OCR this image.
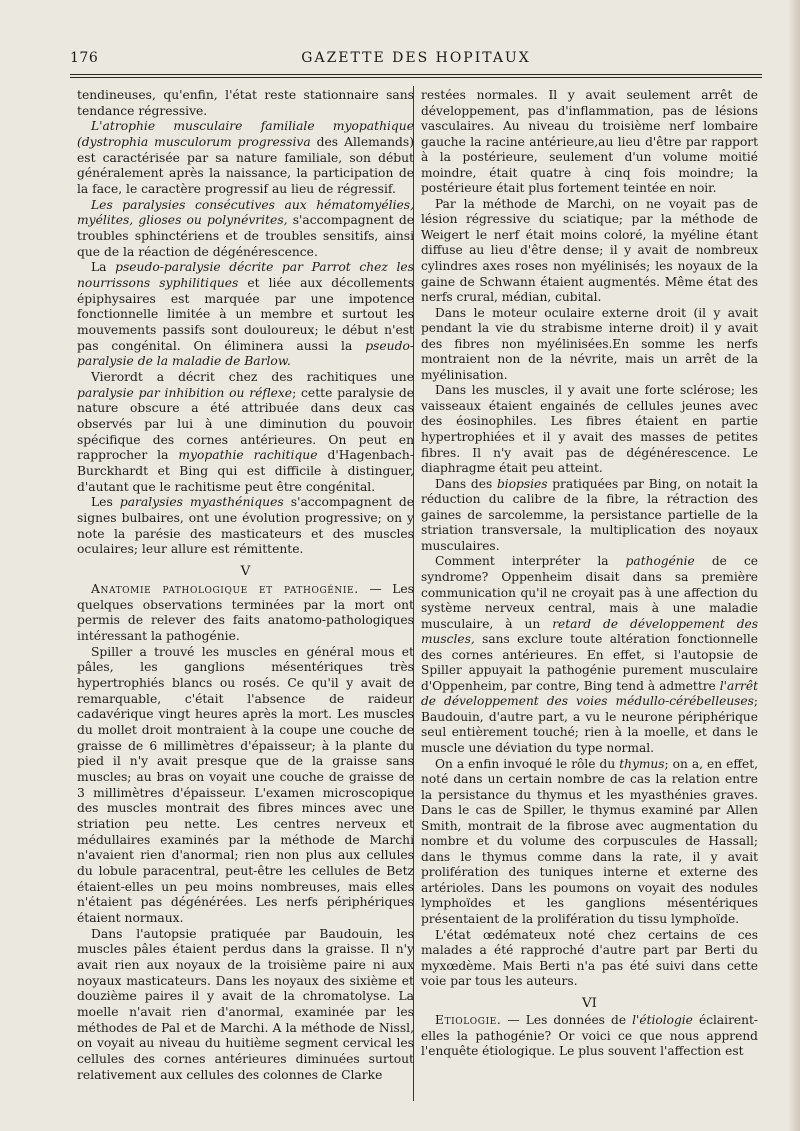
176	GAZETTE DES HOPITAUX

tendineuses, qu'enfin, l'état reste stationnaire sans tendance régressive.

L'atrophie musculaire familiale myopathique (dystrophia musculorum progressiva des Allemands) est caractérisée par sa nature familiale, son début généralement après la naissance, la participation de la face, le caractère progressif au lieu de régressif.

Les paralysies consécutives aux hématomyélies, myélites, glioses ou polynévrites, s'accompagnent de troubles sphinctériens et de troubles sensitifs, ainsi que de la réaction de dégénérescence.

La pseudo-paralysie décrite par Parrot chez les nourrissons syphilitiques et liée aux décollements épiphysaires est marquée par une impotence fonctionnelle limitée à un membre et surtout les mouvements passifs sont douloureux; le début n'est pas congénital. On éliminera aussi la pseudo-paralysie de la maladie de Barlow.

Vierordt a décrit chez des rachitiques une paralysie par inhibition ou réflexe; cette paralysie de nature obscure a été attribuée dans deux cas observés par lui à une diminution du pouvoir spécifique des cornes antérieures. On peut en rapprocher la myopathie rachitique d'Hagenbach-Burckhardt et Bing qui est difficile à distinguer, d'autant que le rachitisme peut être congénital.

Les paralysies myasthéniques s'accompagnent de signes bulbaires, ont une évolution progressive; on y note la parésie des masticateurs et des muscles oculaires; leur allure est rémittente.

V

Anatomie pathologique et pathogénie. — Les quelques observations terminées par la mort ont permis de relever des faits anatomo-pathologiques intéressant la pathogénie.

Spiller a trouvé les muscles en général mous et pâles, les ganglions mésentériques très hypertrophiés blancs ou rosés. Ce qu'il y avait de remarquable, c'était l'absence de raideur cadavérique vingt heures après la mort. Les muscles du mollet droit montraient à la coupe une couche de graisse de 6 millimètres d'épaisseur; à la plante du pied il n'y avait presque que de la graisse sans muscles; au bras on voyait une couche de graisse de 3 millimètres d'épaisseur. L'examen microscopique des muscles montrait des fibres minces avec une striation peu nette. Les centres nerveux et médullaires examinés par la méthode de Marchi n'avaient rien d'anormal; rien non plus aux cellules du lobule paracentral, peut-être les cellules de Betz étaient-elles un peu moins nombreuses, mais elles n'étaient pas dégénérées. Les nerfs périphériques étaient normaux.

Dans l'autopsie pratiquée par Baudouin, les muscles pâles étaient perdus dans la graisse. Il n'y avait rien aux noyaux de la troisième paire ni aux noyaux masticateurs. Dans les noyaux des sixième et douzième paires il y avait de la chromatolyse. La moelle n'avait rien d'anormal, examinée par les méthodes de Pal et de Marchi. A la méthode de Nissl, on voyait au niveau du huitième segment cervical les cellules des cornes antérieures diminuées surtout relativement aux cellules des colonnes de Clarke

restées normales. Il y avait seulement arrêt de développement, pas d'inflammation, pas de lésions vasculaires. Au niveau du troisième nerf lombaire gauche la racine antérieure,au lieu d'être par rapport à la postérieure, seulement d'un volume moitié moindre, était quatre à cinq fois moindre; la postérieure était plus fortement teintée en noir.

Par la méthode de Marchi, on ne voyait pas de lésion régressive du sciatique; par la méthode de Weigert le nerf était moins coloré, la myéline étant diffuse au lieu d'être dense; il y avait de nombreux cylindres axes roses non myélinisés; les noyaux de la gaine de Schwann étaient augmentés. Même état des nerfs crural, médian, cubital.

Dans le moteur oculaire externe droit (il y avait pendant la vie du strabisme interne droit) il y avait des fibres non myélinisées.En somme les nerfs montraient non de la névrite, mais un arrêt de la myélinisation.

Dans les muscles, il y avait une forte sclérose; les vaisseaux étaient engainés de cellules jeunes avec des éosinophiles. Les fibres étaient en partie hypertrophiées et il y avait des masses de petites fibres. Il n'y avait pas de dégénérescence. Le diaphragme était peu atteint.

Dans des biopsies pratiquées par Bing, on notait la réduction du calibre de la fibre, la rétraction des gaines de sarcolemme, la persistance partielle de la striation transversale, la multiplication des noyaux musculaires.

Comment interpréter la pathogénie de ce syndrome? Oppenheim disait dans sa première communication qu'il ne croyait pas à une affection du système nerveux central, mais à une maladie musculaire, à un retard de développement des muscles, sans exclure toute altération fonctionnelle des cornes antérieures. En effet, si l'autopsie de Spiller appuyait la pathogénie purement musculaire d'Oppenheim, par contre, Bing tend à admettre l'arrêt de développement des voies médullo-cérébelleuses; Baudouin, d'autre part, a vu le neurone périphérique seul entièrement touché; rien à la moelle, et dans le muscle une déviation du type normal.

On a enfin invoqué le rôle du thymus; on a, en effet, noté dans un certain nombre de cas la relation entre la persistance du thymus et les myasthénies graves. Dans le cas de Spiller, le thymus examiné par Allen Smith, montrait de la fibrose avec augmentation du nombre et du volume des corpuscules de Hassall; dans le thymus comme dans la rate, il y avait prolifération des tuniques interne et externe des artérioles. Dans les poumons on voyait des nodules lymphoïdes et les ganglions mésentériques présentaient de la prolifération du tissu lymphoïde.

L'état œdémateux noté chez certains de ces malades a été rapproché d'autre part par Berti du myxœdème. Mais Berti n'a pas été suivi dans cette voie par tous les auteurs.

VI

Etiologie. — Les données de l'étiologie éclairent-elles la pathogénie? Or voici ce que nous apprend l'enquête étiologique. Le plus souvent l'affection est
